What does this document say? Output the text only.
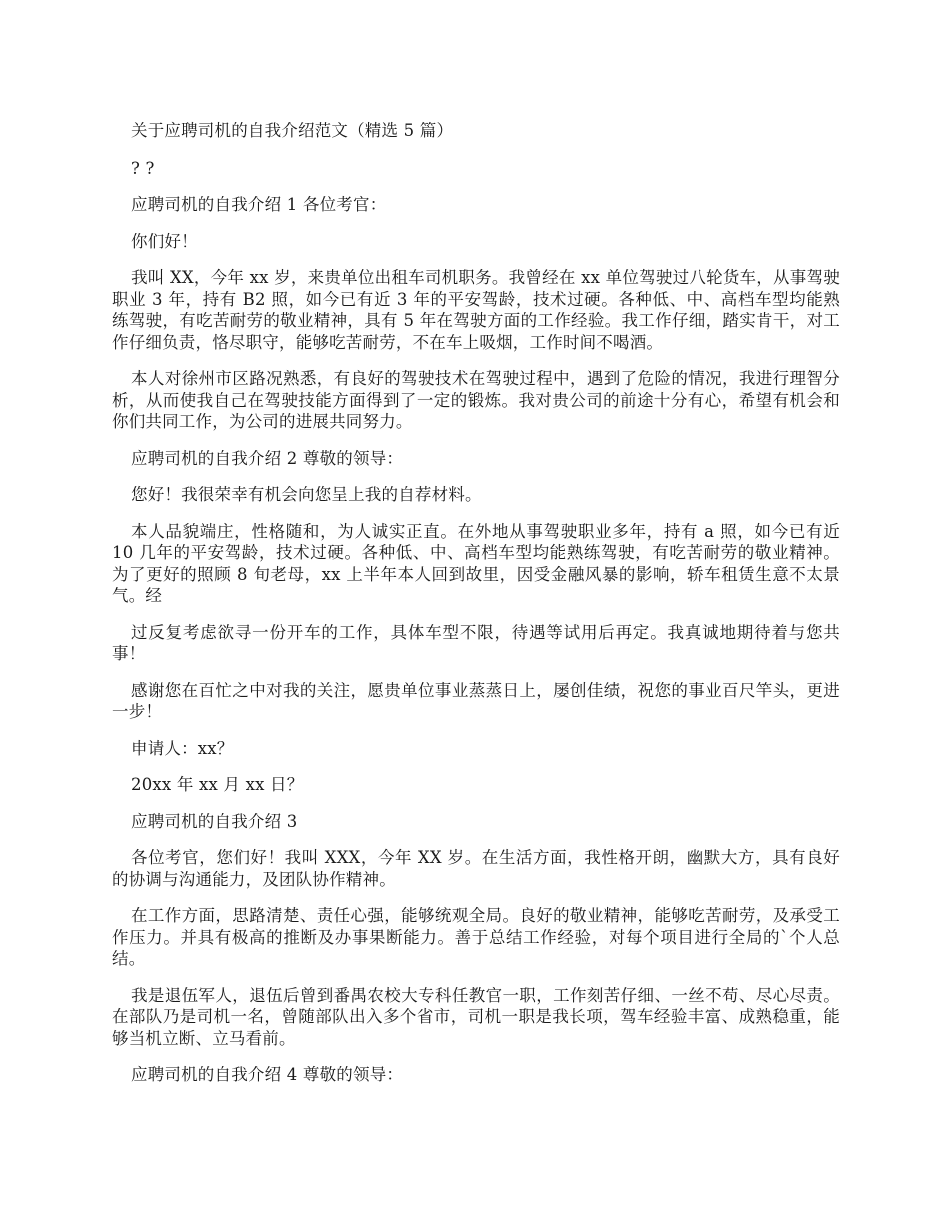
关于应聘司机的自我介绍范文（精选 5 篇）

? ?

应聘司机的自我介绍 1 各位考官：

你们好！

我叫 XX，今年 xx 岁，来贵单位出租车司机职务。我曾经在 xx 单位驾驶过八轮货车，从事驾驶职业 3 年，持有 B2 照，如今已有近 3 年的平安驾龄，技术过硬。各种低、中、高档车型均能熟练驾驶，有吃苦耐劳的敬业精神，具有 5 年在驾驶方面的工作经验。我工作仔细，踏实肯干，对工作仔细负责，恪尽职守，能够吃苦耐劳，不在车上吸烟，工作时间不喝酒。

本人对徐州市区路况熟悉，有良好的驾驶技术在驾驶过程中，遇到了危险的情况，我进行理智分析，从而使我自己在驾驶技能方面得到了一定的锻炼。我对贵公司的前途十分有心，希望有机会和你们共同工作，为公司的进展共同努力。

应聘司机的自我介绍 2 尊敬的领导：

您好！我很荣幸有机会向您呈上我的自荐材料。

本人品貌端庄，性格随和，为人诚实正直。在外地从事驾驶职业多年，持有 a 照，如今已有近 10 几年的平安驾龄，技术过硬。各种低、中、高档车型均能熟练驾驶，有吃苦耐劳的敬业精神。为了更好的照顾 8 旬老母，xx 上半年本人回到故里，因受金融风暴的影响，轿车租赁生意不太景气。经

过反复考虑欲寻一份开车的工作，具体车型不限，待遇等试用后再定。我真诚地期待着与您共事！

感谢您在百忙之中对我的关注，愿贵单位事业蒸蒸日上，屡创佳绩，祝您的事业百尺竿头，更进一步！

申请人：xx？

20xx 年 xx 月 xx 日？

应聘司机的自我介绍 3

各位考官，您们好！我叫 XXX，今年 XX 岁。在生活方面，我性格开朗，幽默大方，具有良好的协调与沟通能力，及团队协作精神。

在工作方面，思路清楚、责任心强，能够统观全局。良好的敬业精神，能够吃苦耐劳，及承受工作压力。并具有极高的推断及办事果断能力。善于总结工作经验，对每个项目进行全局的`个人总结。

我是退伍军人，退伍后曾到番禺农校大专科任教官一职，工作刻苦仔细、一丝不苟、尽心尽责。在部队乃是司机一名，曾随部队出入多个省市，司机一职是我长项，驾车经验丰富、成熟稳重，能够当机立断、立马看前。

应聘司机的自我介绍 4 尊敬的领导：
